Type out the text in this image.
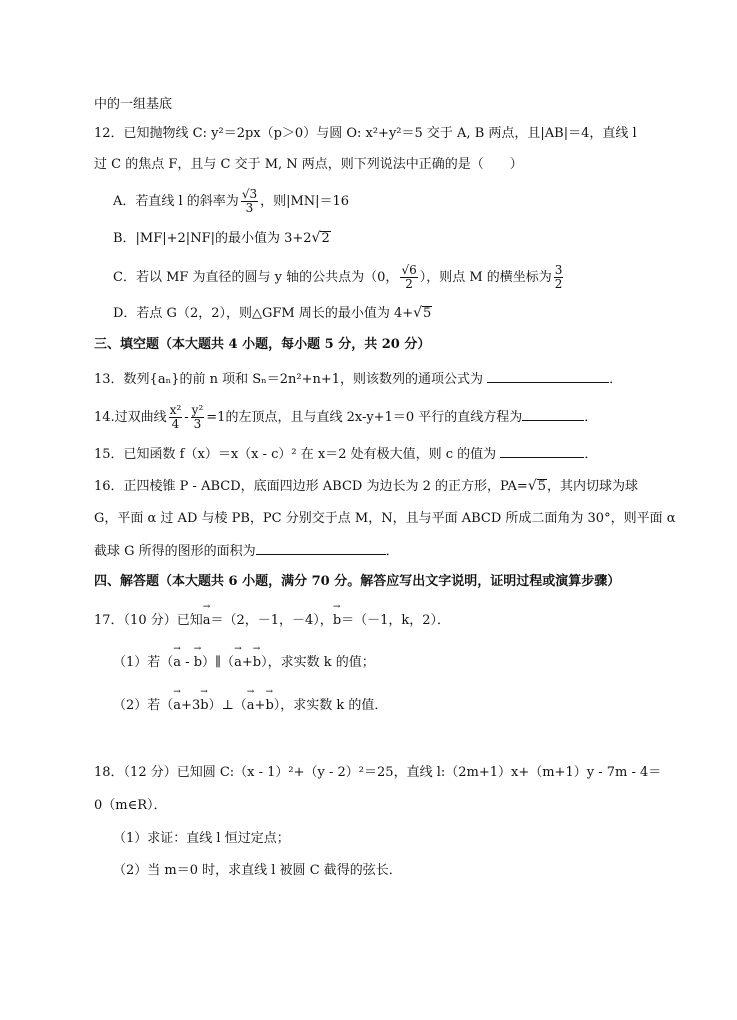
中的一组基底
12．已知抛物线 C: y²＝2px（p＞0）与圆 O: x²+y²＝5 交于 A, B 两点，且|AB|＝4，直线 l
过 C 的焦点 F，且与 C 交于 M, N 两点，则下列说法中正确的是（　　）
A．若直线 l 的斜率为 $\frac{√3}{3}$ ，则|MN|＝16
B．|MF|+2|NF|的最小值为 3+2√2
C．若以 MF 为直径的圆与 y 轴的公共点为（0， $\frac{√6}{2}$ ），则点 M 的横坐标为 $\frac{3}{2}$
D．若点 G（2，2），则△GFM 周长的最小值为 4+√5
三、填空题（本大题共 4 小题，每小题 5 分，共 20 分）
13．数列{aₙ}的前 n 项和 Sₙ＝2n²+n+1，则该数列的通项公式为	．
14.过双曲线 $\frac{\text{x²}}{4} - \frac{\text{y²}}{3} =1$的左顶点，且与直线 2x-y+1＝0 平行的直线方程为	．
15．已知函数 f（x）＝x（x - c）² 在 x＝2 处有极大值，则 c 的值为	．
16．正四棱锥 P - ABCD，底面四边形 ABCD 为边长为 2 的正方形，PA=√5，其内切球为球
G，平面 α 过 AD 与棱 PB，PC 分别交于点 M，N，且与平面 ABCD 所成二面角为 30°，则平面 α
截球 G 所得的图形的面积为	．
四、解答题（本大题共 6 小题，满分 70 分。解答应写出文字说明，证明过程或演算步骤）
17．（10 分）已知→ a＝（2，－1，－4），→ b＝（－1，k，2）．
（1）若（→ a - → b）∥（→ a+→ b），求实数 k 的值；
（2）若（→ a+3→ b）⊥（→ a+→ b），求实数 k 的值．
18．（12 分）已知圆 C:（x - 1）²+（y - 2）²＝25，直线 l:（2m+1）x+（m+1）y - 7m - 4＝
0（m∈R）．
（1）求证：直线 l 恒过定点；
（2）当 m＝0 时，求直线 l 被圆 C 截得的弦长．
